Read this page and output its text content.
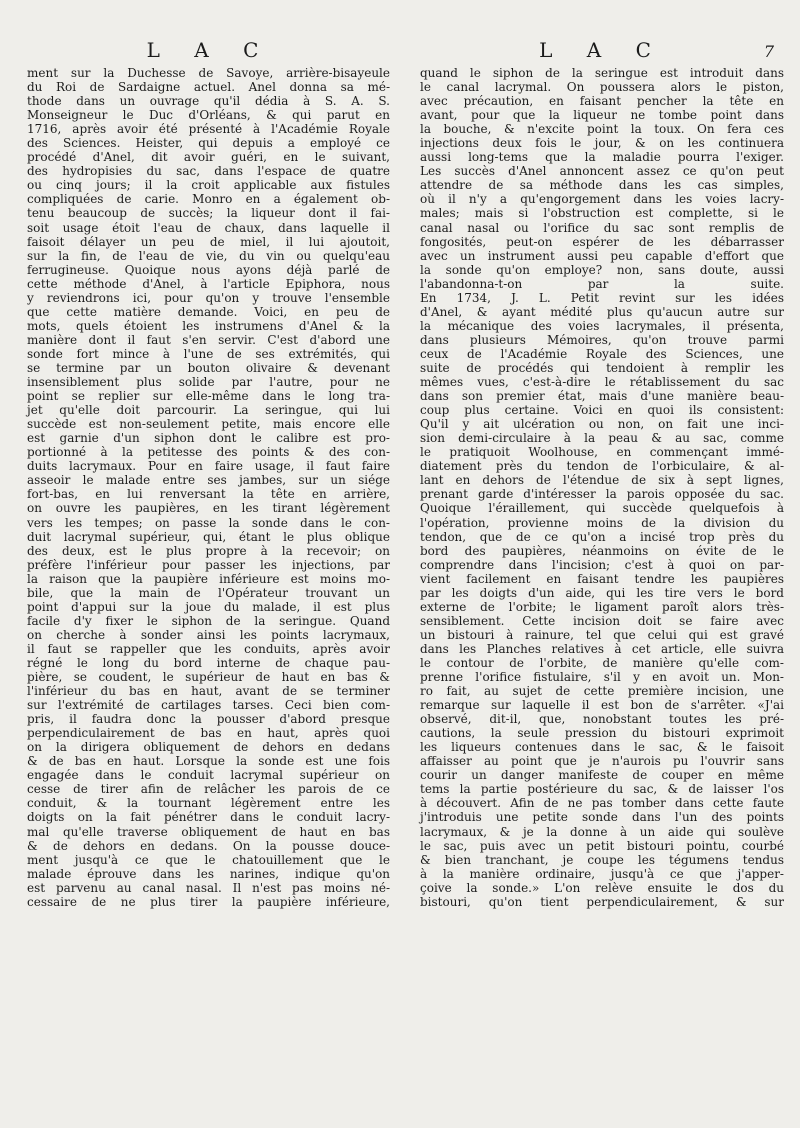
L A C	L A C	7

ment sur la Duchesse de Savoye, arrière-bisayeule

du Roi de Sardaigne actuel. Anel donna sa mé-

thode dans un ouvrage qu'il dédia à S. A. S.

Monseigneur le Duc d'Orléans, & qui parut en

1716, après avoir été présenté à l'Académie Royale

des Sciences. Heister, qui depuis a employé ce

procédé d'Anel, dit avoir guéri, en le suivant,

des hydropisies du sac, dans l'espace de quatre

ou cinq jours; il la croit applicable aux fistules

compliquées de carie. Monro en a également ob-

tenu beaucoup de succès; la liqueur dont il fai-

soit usage étoit l'eau de chaux, dans laquelle il

faisoit délayer un peu de miel, il lui ajoutoit,

sur la fin, de l'eau de vie, du vin ou quelqu'eau

ferrugineuse. Quoique nous ayons déjà parlé de

cette méthode d'Anel, à l'article Epiphora, nous

y reviendrons ici, pour qu'on y trouve l'ensemble

que cette matière demande. Voici, en peu de

mots, quels étoient les instrumens d'Anel & la

manière dont il faut s'en servir. C'est d'abord une

sonde fort mince à l'une de ses extrémités, qui

se termine par un bouton olivaire & devenant

insensiblement plus solide par l'autre, pour ne

point se replier sur elle-même dans le long tra-

jet qu'elle doit parcourir. La seringue, qui lui

succède est non-seulement petite, mais encore elle

est garnie d'un siphon dont le calibre est pro-

portionné à la petitesse des points & des con-

duits lacrymaux. Pour en faire usage, il faut faire

asseoir le malade entre ses jambes, sur un siége

fort-bas, en lui renversant la tête en arrière,

on ouvre les paupières, en les tirant légèrement

vers les tempes; on passe la sonde dans le con-

duit lacrymal supérieur, qui, étant le plus oblique

des deux, est le plus propre à la recevoir; on

préfère l'inférieur pour passer les injections, par

la raison que la paupière inférieure est moins mo-

bile, que la main de l'Opérateur trouvant un

point d'appui sur la joue du malade, il est plus

facile d'y fixer le siphon de la seringue. Quand

on cherche à sonder ainsi les points lacrymaux,

il faut se rappeller que les conduits, après avoir

régné le long du bord interne de chaque pau-

pière, se coudent, le supérieur de haut en bas &

l'inférieur du bas en haut, avant de se terminer

sur l'extrémité de cartilages tarses. Ceci bien com-

pris, il faudra donc la pousser d'abord presque

perpendiculairement de bas en haut, après quoi

on la dirigera obliquement de dehors en dedans

& de bas en haut. Lorsque la sonde est une fois

engagée dans le conduit lacrymal supérieur on

cesse de tirer afin de relâcher les parois de ce

conduit, & la tournant légèrement entre les

doigts on la fait pénétrer dans le conduit lacry-

mal qu'elle traverse obliquement de haut en bas

& de dehors en dedans. On la pousse douce-

ment jusqu'à ce que le chatouillement que le

malade éprouve dans les narines, indique qu'on

est parvenu au canal nasal. Il n'est pas moins né-

cessaire de ne plus tirer la paupière inférieure,

quand le siphon de la seringue est introduit dans

le canal lacrymal. On poussera alors le piston,

avec précaution, en faisant pencher la tête en

avant, pour que la liqueur ne tombe point dans

la bouche, & n'excite point la toux. On fera ces

injections deux fois le jour, & on les continuera

aussi long-tems que la maladie pourra l'exiger.

Les succès d'Anel annoncent assez ce qu'on peut

attendre de sa méthode dans les cas simples,

où il n'y a qu'engorgement dans les voies lacry-

males; mais si l'obstruction est complette, si le

canal nasal ou l'orifice du sac sont remplis de

fongosités, peut-on espérer de les débarrasser

avec un instrument aussi peu capable d'effort que

la sonde qu'on employe? non, sans doute, aussi

l'abandonna-t-on par la suite.

En 1734, J. L. Petit revint sur les idées

d'Anel, & ayant médité plus qu'aucun autre sur

la mécanique des voies lacrymales, il présenta,

dans plusieurs Mémoires, qu'on trouve parmi

ceux de l'Académie Royale des Sciences, une

suite de procédés qui tendoient à remplir les

mêmes vues, c'est-à-dire le rétablissement du sac

dans son premier état, mais d'une manière beau-

coup plus certaine. Voici en quoi ils consistent:

Qu'il y ait ulcération ou non, on fait une inci-

sion demi-circulaire à la peau & au sac, comme

le pratiquoit Woolhouse, en commençant immé-

diatement près du tendon de l'orbiculaire, & al-

lant en dehors de l'étendue de six à sept lignes,

prenant garde d'intéresser la parois opposée du sac.

Quoique l'éraillement, qui succède quelquefois à

l'opération, provienne moins de la division du

tendon, que de ce qu'on a incisé trop près du

bord des paupières, néanmoins on évite de le

comprendre dans l'incision; c'est à quoi on par-

vient facilement en faisant tendre les paupières

par les doigts d'un aide, qui les tire vers le bord

externe de l'orbite; le ligament paroît alors très-

sensiblement. Cette incision doit se faire avec

un bistouri à rainure, tel que celui qui est gravé

dans les Planches relatives à cet article, elle suivra

le contour de l'orbite, de manière qu'elle com-

prenne l'orifice fistulaire, s'il y en avoit un. Mon-

ro fait, au sujet de cette première incision, une

remarque sur laquelle il est bon de s'arrêter. «J'ai

observé, dit-il, que, nonobstant toutes les pré-

cautions, la seule pression du bistouri exprimoit

les liqueurs contenues dans le sac, & le faisoit

affaisser au point que je n'aurois pu l'ouvrir sans

courir un danger manifeste de couper en même

tems la partie postérieure du sac, & de laisser l'os

à découvert. Afin de ne pas tomber dans cette faute

j'introduis une petite sonde dans l'un des points

lacrymaux, & je la donne à un aide qui soulève

le sac, puis avec un petit bistouri pointu, courbé

& bien tranchant, je coupe les tégumens tendus

à la manière ordinaire, jusqu'à ce que j'apper-

çoive la sonde.» L'on relève ensuite le dos du

bistouri, qu'on tient perpendiculairement, & sur
